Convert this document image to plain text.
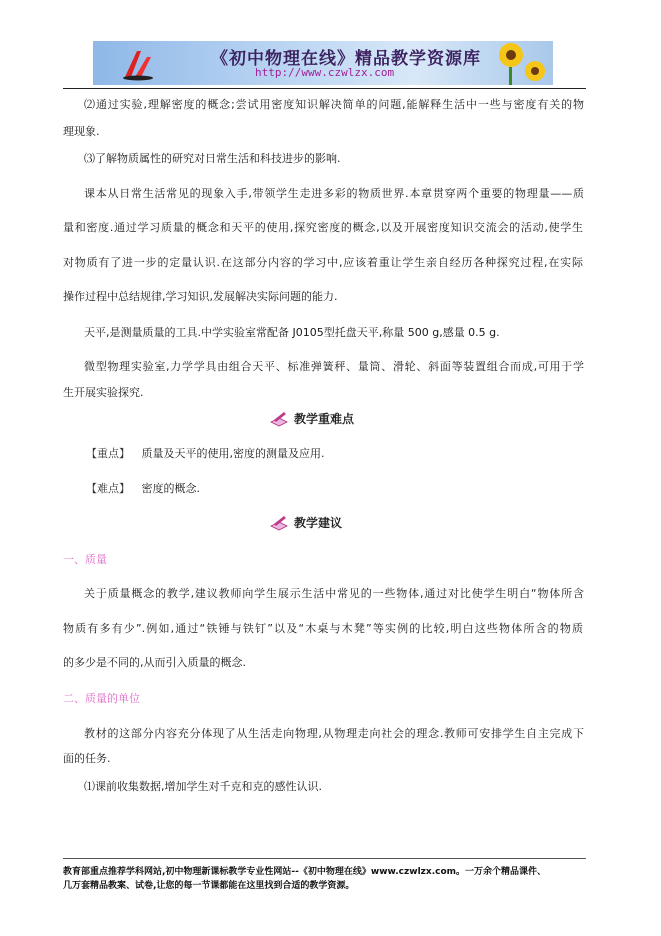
《初中物理在线》精品教学资源库
http://www.czwlzx.com
⑵通过实验,理解密度的概念;尝试用密度知识解决简单的问题,能解释生活中一些与密度有关的物
理现象.
⑶了解物质属性的研究对日常生活和科技进步的影响.
课本从日常生活常见的现象入手,带领学生走进多彩的物质世界.本章贯穿两个重要的物理量——质
量和密度.通过学习质量的概念和天平的使用,探究密度的概念,以及开展密度知识交流会的活动,使学生
对物质有了进一步的定量认识.在这部分内容的学习中,应该着重让学生亲自经历各种探究过程,在实际
操作过程中总结规律,学习知识,发展解决实际问题的能力.
天平,是测量质量的工具.中学实验室常配备 J0105型托盘天平,称量 500 g,感量 0.5 g.
微型物理实验室,力学学具由组合天平、标准弹簧秤、量筒、滑轮、斜面等装置组合而成,可用于学
生开展实验探究.
教学重难点
【重点】 质量及天平的使用,密度的测量及应用.
【难点】 密度的概念.
教学建议
一、质量
关于质量概念的教学,建议教师向学生展示生活中常见的一些物体,通过对比使学生明白“物体所含
物质有多有少”.例如,通过“铁锤与铁钉”以及“木桌与木凳”等实例的比较,明白这些物体所含的物质
的多少是不同的,从而引入质量的概念.
二、质量的单位
教材的这部分内容充分体现了从生活走向物理,从物理走向社会的理念.教师可安排学生自主完成下
面的任务.
⑴课前收集数据,增加学生对千克和克的感性认识.
教育部重点推荐学科网站,初中物理新课标教学专业性网站--《初中物理在线》www.czwlzx.com。一万余个精品课件、
几万套精品教案、试卷,让您的每一节课都能在这里找到合适的教学资源。
